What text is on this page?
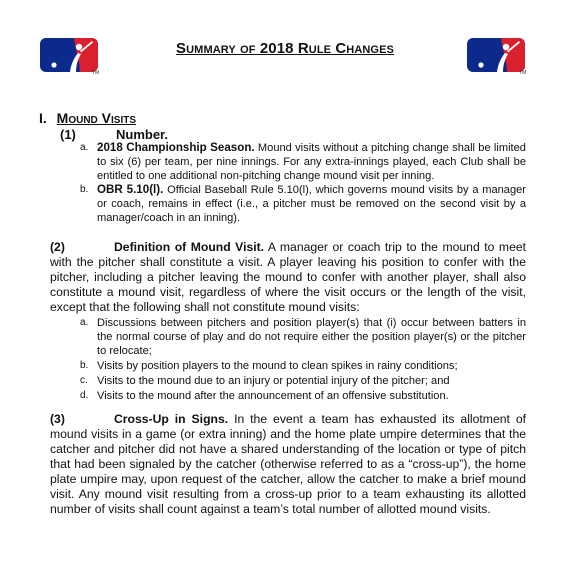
TM	TM
Summary of 2018 Rule Changes
I. Mound Visits
(1)	Number.
a. 2018 Championship Season. Mound visits without a pitching change shall be limited to six (6) per team, per nine innings. For any extra-innings played, each Club shall be entitled to one additional non-pitching change mound visit per inning.
b. OBR 5.10(l). Official Baseball Rule 5.10(l), which governs mound visits by a manager or coach, remains in effect (i.e., a pitcher must be removed on the second visit by a manager/coach in an inning).
(2)	Definition of Mound Visit. A manager or coach trip to the mound to meet with the pitcher shall constitute a visit. A player leaving his position to confer with the pitcher, including a pitcher leaving the mound to confer with another player, shall also constitute a mound visit, regardless of where the visit occurs or the length of the visit, except that the following shall not constitute mound visits:
a. Discussions between pitchers and position player(s) that (i) occur between batters in the normal course of play and do not require either the position player(s) or the pitcher to relocate;
b. Visits by position players to the mound to clean spikes in rainy conditions;
c. Visits to the mound due to an injury or potential injury of the pitcher; and
d. Visits to the mound after the announcement of an offensive substitution.
(3)	Cross-Up in Signs. In the event a team has exhausted its allotment of mound visits in a game (or extra inning) and the home plate umpire determines that the catcher and pitcher did not have a shared understanding of the location or type of pitch that had been signaled by the catcher (otherwise referred to as a “cross-up”), the home plate umpire may, upon request of the catcher, allow the catcher to make a brief mound visit. Any mound visit resulting from a cross-up prior to a team exhausting its allotted number of visits shall count against a team’s total number of allotted mound visits.
